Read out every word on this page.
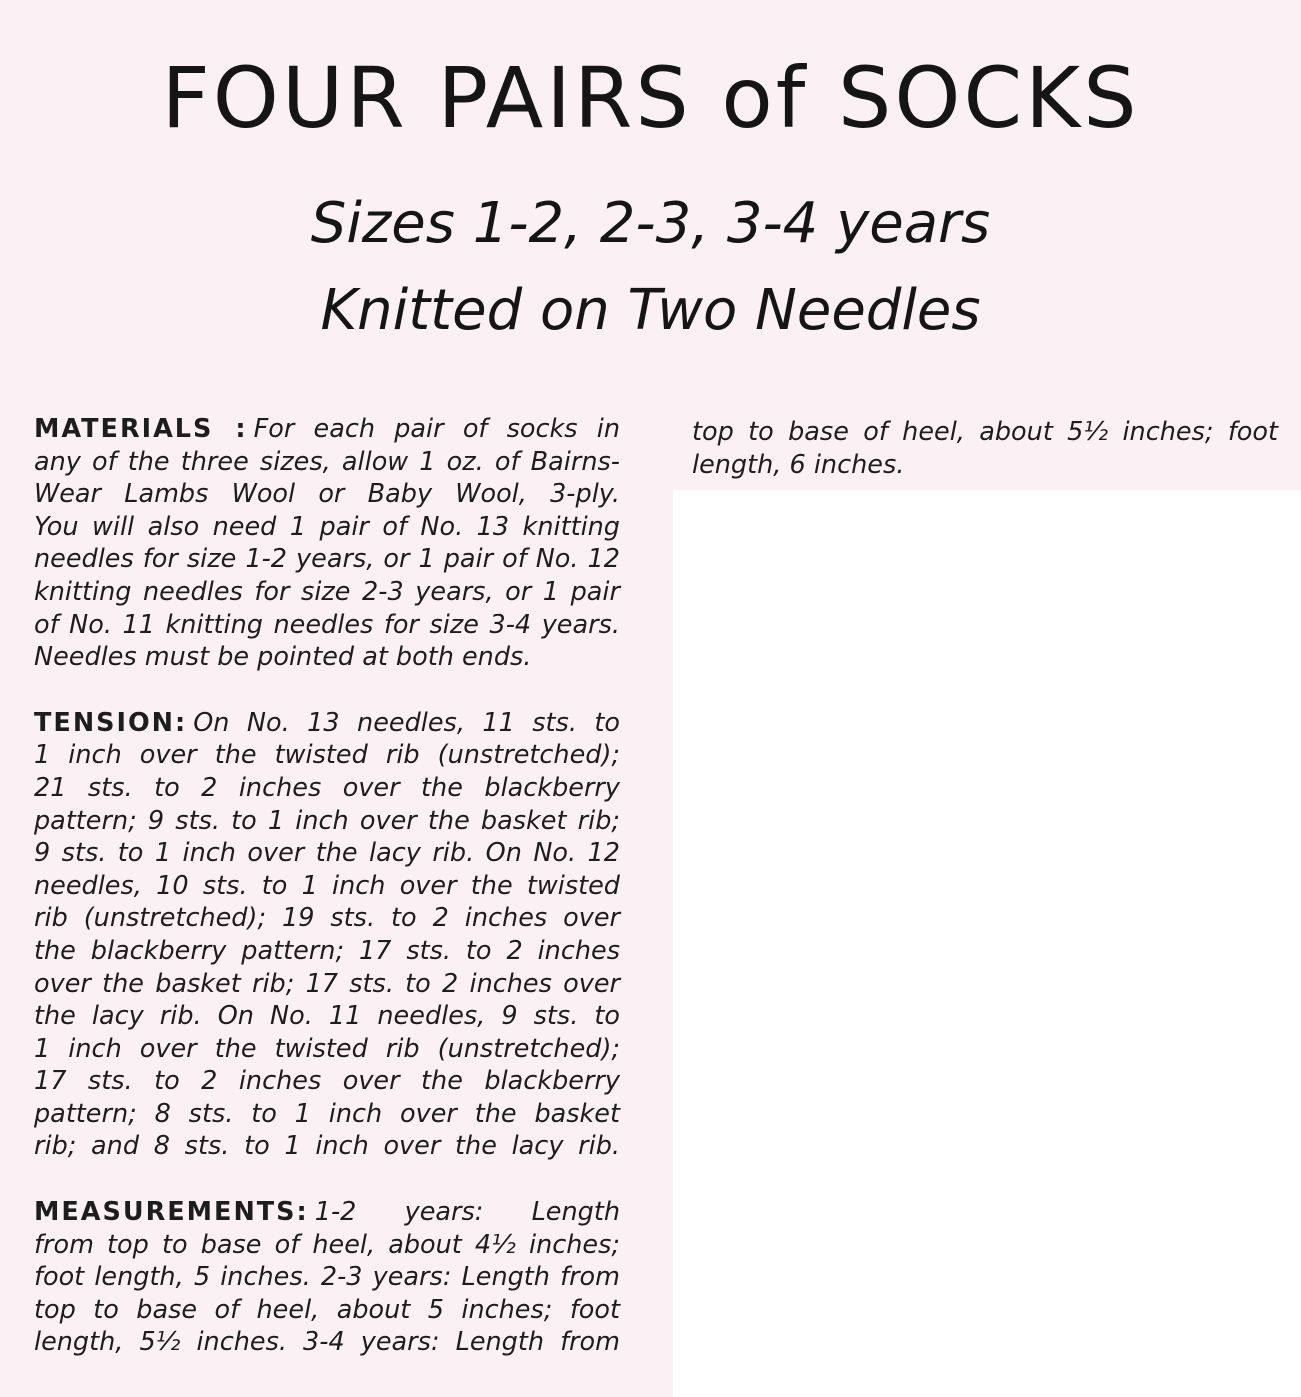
FOUR PAIRS of SOCKS
Sizes 1-2, 2-3, 3-4 years
Knitted on Two Needles
MATERIALS : For each pair of socks in
any of the three sizes, allow 1 oz. of Bairns-
Wear Lambs Wool or Baby Wool, 3-ply.
You will also need 1 pair of No. 13 knitting
needles for size 1-2 years, or 1 pair of No. 12
knitting needles for size 2-3 years, or 1 pair
of No. 11 knitting needles for size 3-4 years.
Needles must be pointed at both ends.
TENSION: On No. 13 needles, 11 sts. to
1 inch over the twisted rib (unstretched);
21 sts. to 2 inches over the blackberry
pattern; 9 sts. to 1 inch over the basket rib;
9 sts. to 1 inch over the lacy rib. On No. 12
needles, 10 sts. to 1 inch over the twisted
rib (unstretched); 19 sts. to 2 inches over
the blackberry pattern; 17 sts. to 2 inches
over the basket rib; 17 sts. to 2 inches over
the lacy rib. On No. 11 needles, 9 sts. to
1 inch over the twisted rib (unstretched);
17 sts. to 2 inches over the blackberry
pattern; 8 sts. to 1 inch over the basket
rib; and 8 sts. to 1 inch over the lacy rib.
MEASUREMENTS: 1-2 years: Length
from top to base of heel, about 4½ inches;
foot length, 5 inches. 2-3 years: Length from
top to base of heel, about 5 inches; foot
length, 5½ inches. 3-4 years: Length from
top to base of heel, about 5½ inches; foot
length, 6 inches.
